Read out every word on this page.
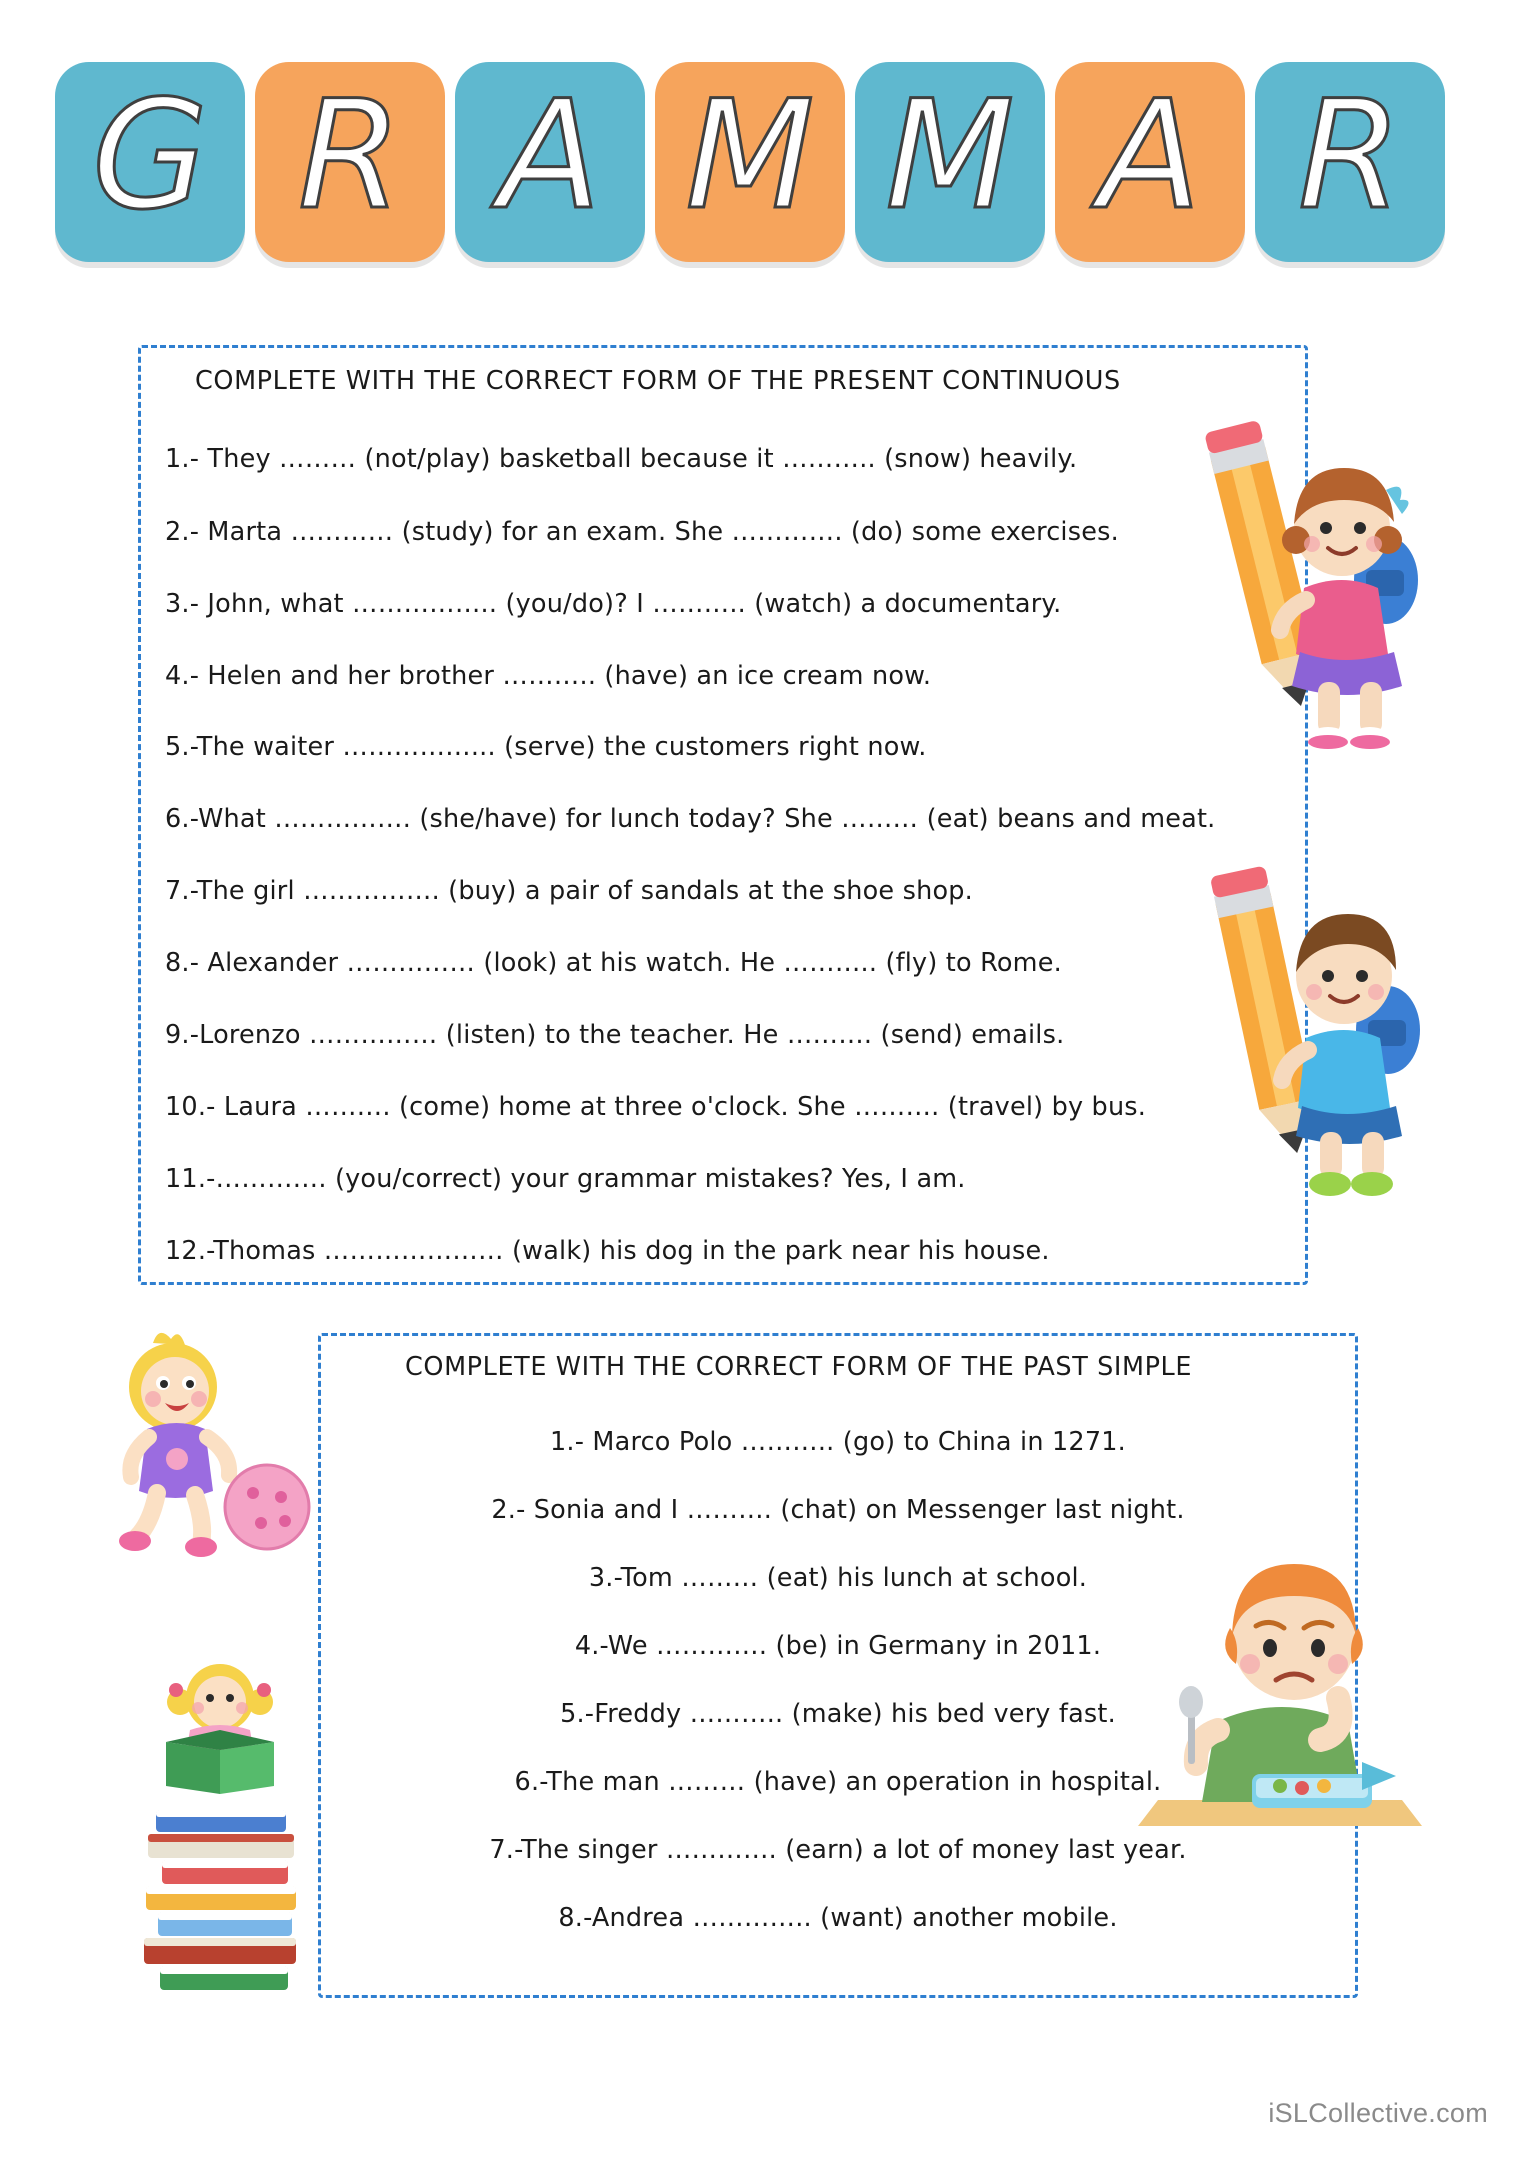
G R A M M A R
COMPLETE WITH THE CORRECT FORM OF THE PRESENT CONTINUOUS
1.- They ……… (not/play) basketball because it ……….. (snow) heavily.
2.- Marta ………… (study) for an exam. She …………. (do) some exercises.
3.- John, what …………….. (you/do)? I ……….. (watch) a documentary.
4.- Helen and her brother ……….. (have) an ice cream now.
5.-The waiter ……………... (serve) the customers right now.
6.-What ……………. (she/have) for lunch today? She ……… (eat) beans and meat.
7.-The girl ……………. (buy) a pair of sandals at the shoe shop.
8.- Alexander …………… (look) at his watch. He ……….. (fly) to Rome.
9.-Lorenzo …………… (listen) to the teacher. He ………. (send) emails.
10.- Laura ………. (come) home at three o'clock. She ………. (travel) by bus.
11.-…………. (you/correct) your grammar mistakes? Yes, I am.
12.-Thomas ………………… (walk) his dog in the park near his house.
COMPLETE WITH THE CORRECT FORM OF THE PAST SIMPLE
1.- Marco Polo ……….. (go) to China in 1271.
2.- Sonia and I ………. (chat) on Messenger last night.
3.-Tom ……… (eat) his lunch at school.
4.-We …………. (be) in Germany in 2011.
5.-Freddy ……….. (make) his bed very fast.
6.-The man ……… (have) an operation in hospital.
7.-The singer …………. (earn) a lot of money last year.
8.-Andrea ………….. (want) another mobile.
iSLCollective.com
